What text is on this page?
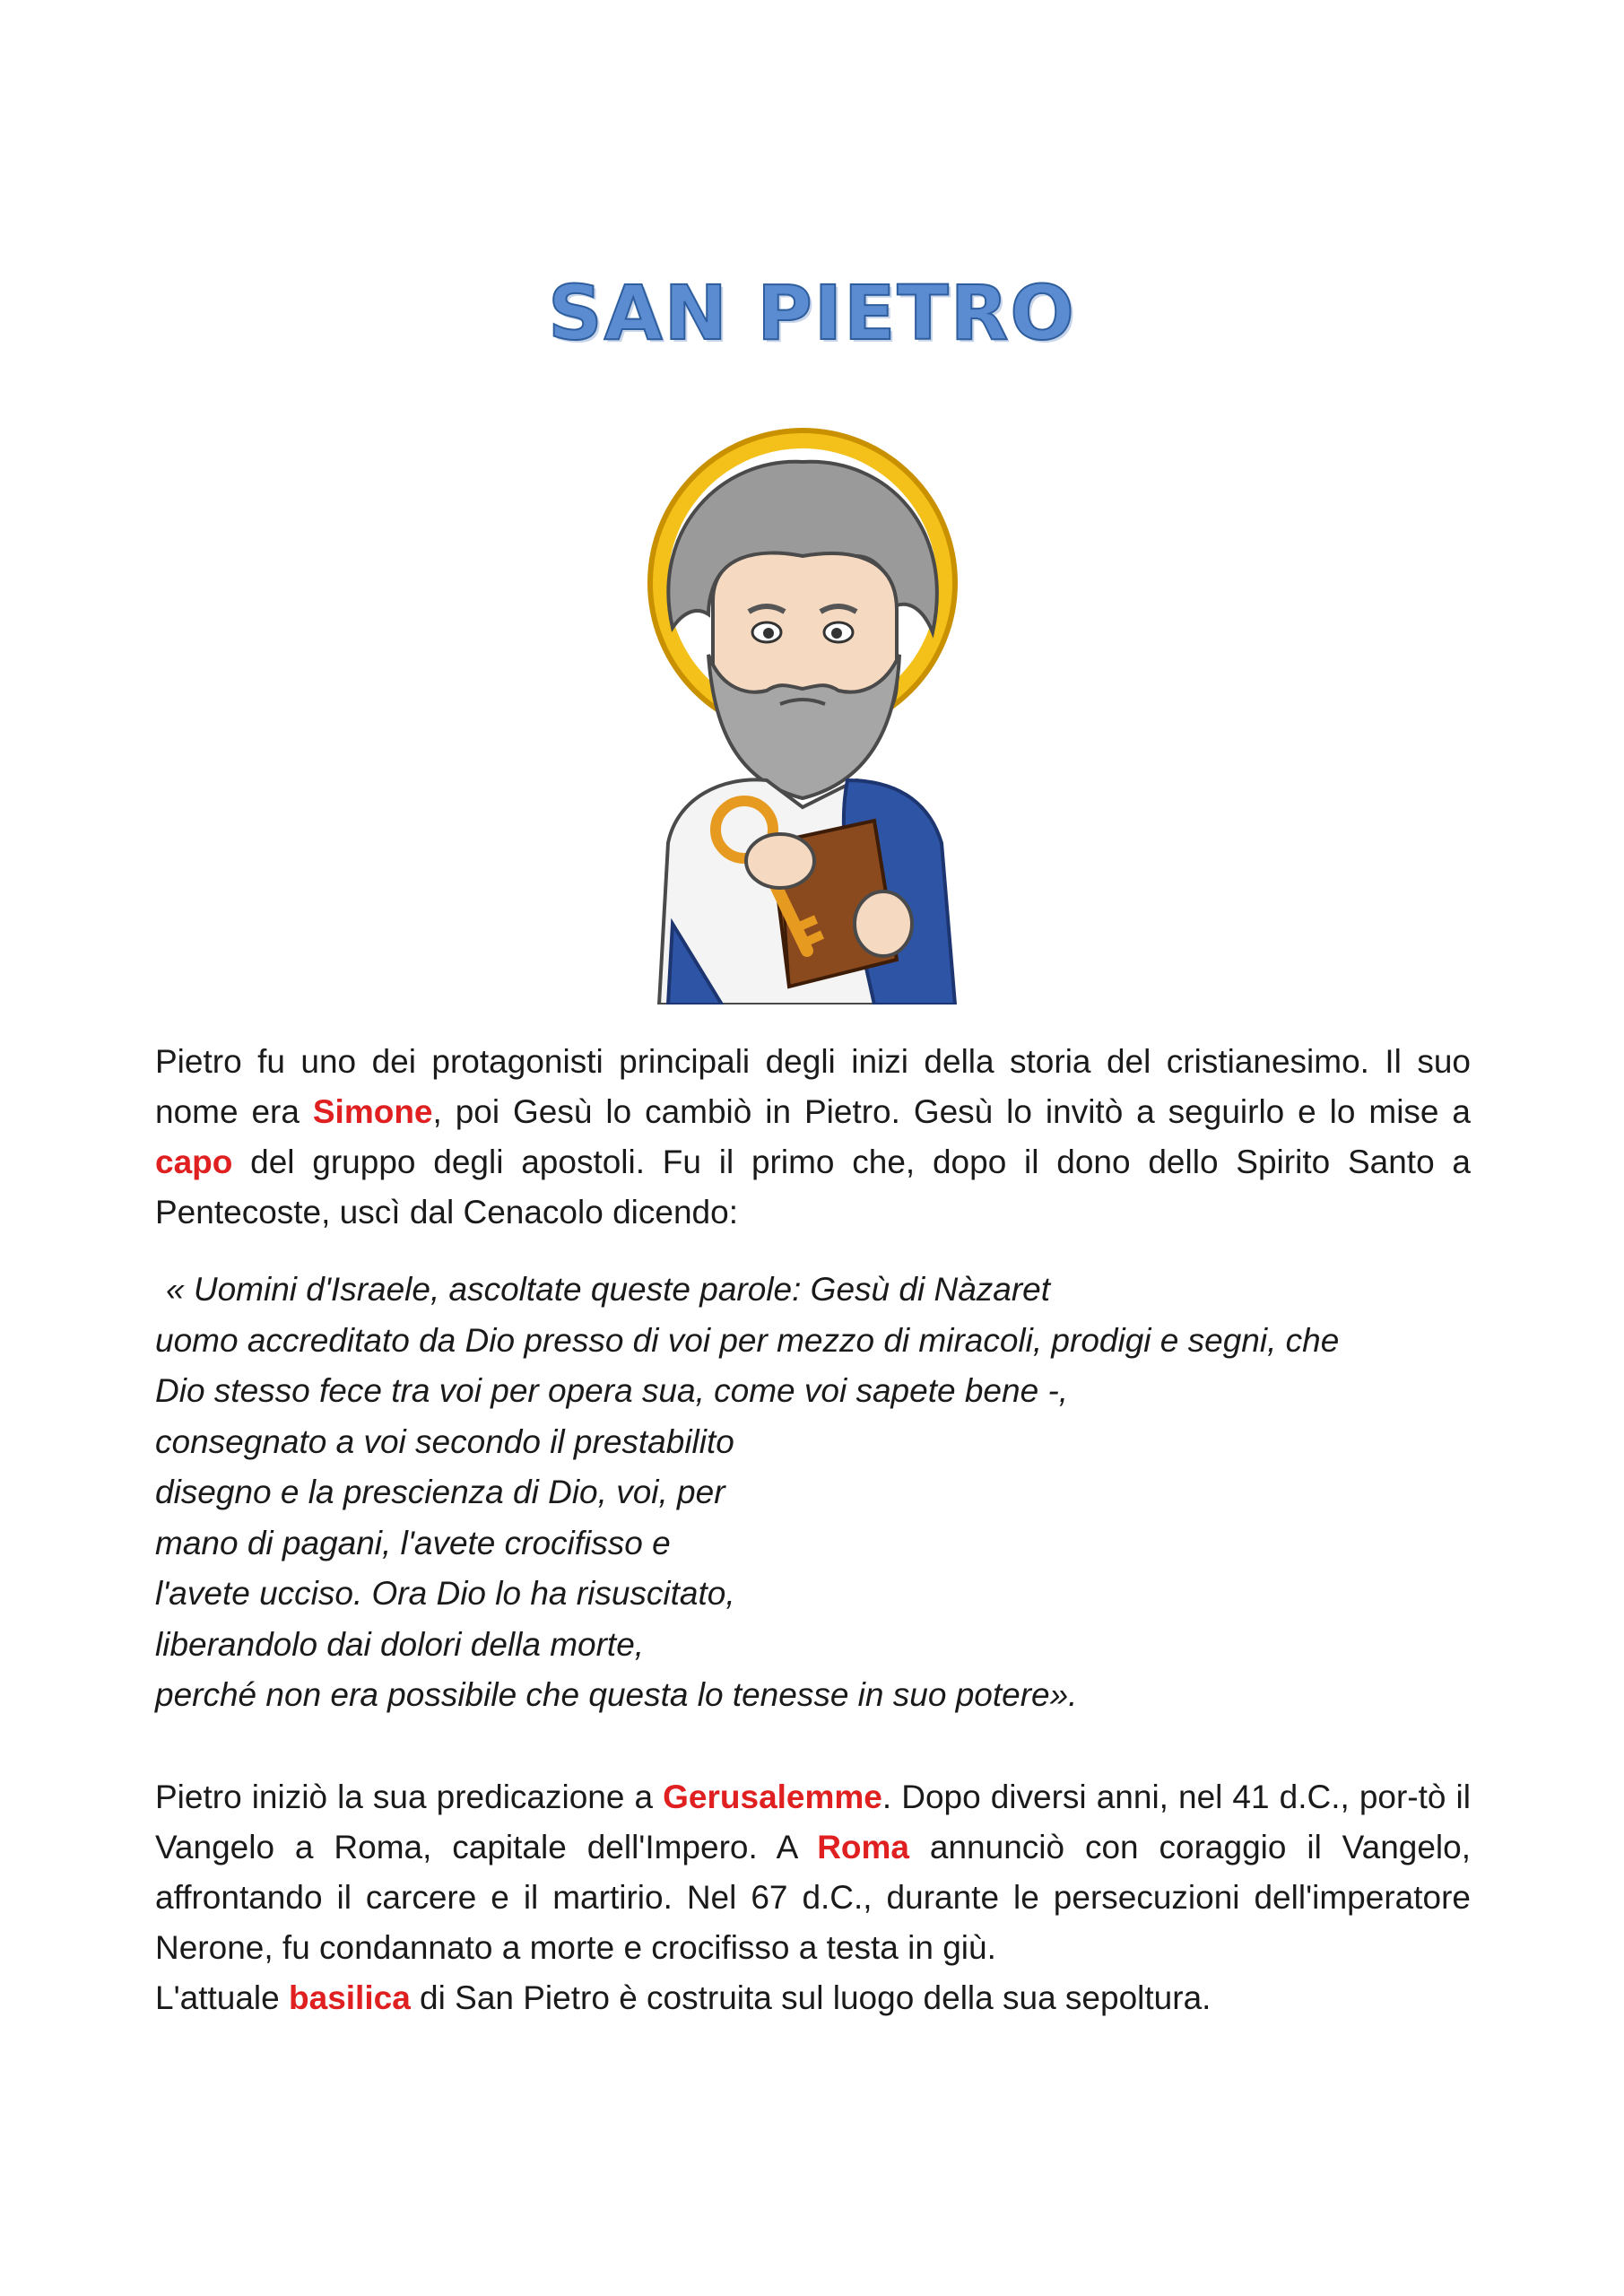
SAN PIETRO
Pietro fu uno dei protagonisti principali degli inizi della storia del cristianesimo. Il suo nome era Simone, poi Gesù lo cambiò in Pietro. Gesù lo invitò a seguirlo e lo mise a capo del gruppo degli apostoli. Fu il primo che, dopo il dono dello Spirito Santo a Pentecoste, uscì dal Cenacolo dicendo:
« Uomini d'Israele, ascoltate queste parole: Gesù di Nàzaret
uomo accreditato da Dio presso di voi per mezzo di miracoli, prodigi e segni, che
Dio stesso fece tra voi per opera sua, come voi sapete bene -,
consegnato a voi secondo il prestabilito
disegno e la prescienza di Dio, voi, per
mano di pagani, l'avete crocifisso e
l'avete ucciso. Ora Dio lo ha risuscitato,
liberandolo dai dolori della morte,
perché non era possibile che questa lo tenesse in suo potere».
Pietro iniziò la sua predicazione a Gerusalemme. Dopo diversi anni, nel 41 d.C., por-tò il Vangelo a Roma, capitale dell'Impero. A Roma annunciò con coraggio il Vangelo, affrontando il carcere e il martirio. Nel 67 d.C., durante le persecuzioni dell'imperatore Nerone, fu condannato a morte e crocifisso a testa in giù.
L'attuale basilica di San Pietro è costruita sul luogo della sua sepoltura.
